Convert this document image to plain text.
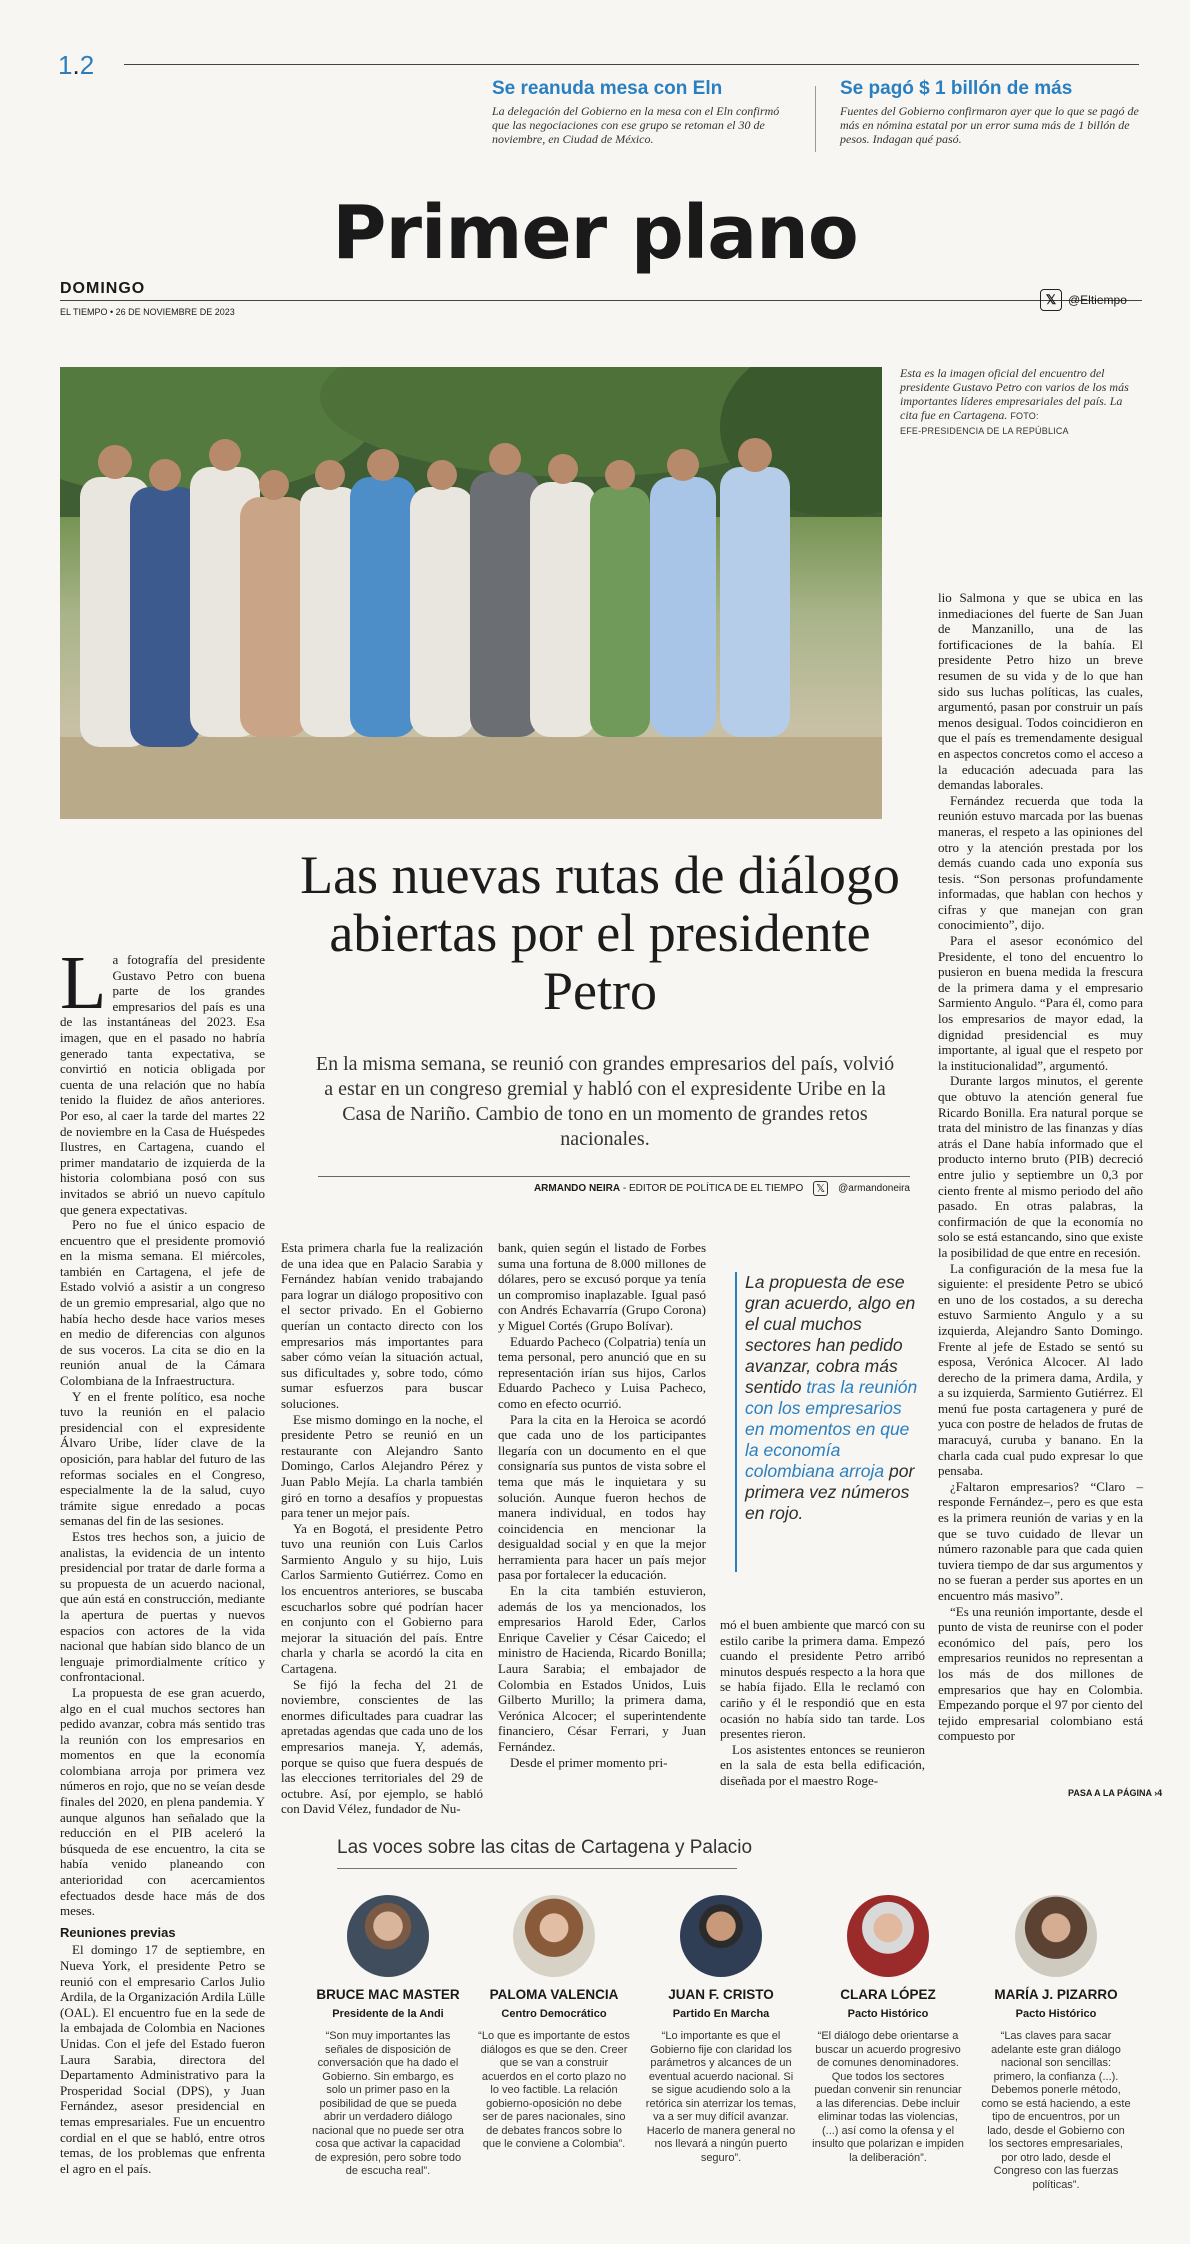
1.2
Se reanuda mesa con Eln

La delegación del Gobierno en la mesa con el Eln confirmó que las negociaciones con ese grupo se retoman el 30 de noviembre, en Ciudad de México.

Se pagó $ 1 billón de más

Fuentes del Gobierno confirmaron ayer que lo que se pagó de más en nómina estatal por un error suma más de 1 billón de pesos. Indagan qué pasó.

Primer plano
DOMINGO
EL TIEMPO • 26 DE NOVIEMBRE DE 2023
𝕏 @Eltiempo
Esta es la imagen oficial del encuentro del presidente Gustavo Petro con varios de los más importantes líderes empresariales del país. La cita fue en Cartagena. FOTO:
EFE-PRESIDENCIA DE LA REPÚBLICA
Las nuevas rutas de diálogo abiertas por el presidente Petro
En la misma semana, se reunió con grandes empresarios del país, volvió a estar en un congreso gremial y habló con el expresidente Uribe en la Casa de Nariño. Cambio de tono en un momento de grandes retos nacionales.
ARMANDO NEIRA - EDITOR DE POLÍTICA DE EL TIEMPO 𝕏	@armandoneira

La fotografía del presidente Gustavo Petro con buena parte de los grandes empresarios del país es una de las instantáneas del 2023. Esa imagen, que en el pasado no habría generado tanta expectativa, se convirtió en noticia obligada por cuenta de una relación que no había tenido la fluidez de años anteriores. Por eso, al caer la tarde del martes 22 de noviembre en la Casa de Huéspedes Ilustres, en Cartagena, cuando el primer mandatario de izquierda de la historia colombiana posó con sus invitados se abrió un nuevo capítulo que genera expectativas.

Pero no fue el único espacio de encuentro que el presidente promovió en la misma semana. El miércoles, también en Cartagena, el jefe de Estado volvió a asistir a un congreso de un gremio empresarial, algo que no había hecho desde hace varios meses en medio de diferencias con algunos de sus voceros. La cita se dio en la reunión anual de la Cámara Colombiana de la Infraestructura.

Y en el frente político, esa noche tuvo la reunión en el palacio presidencial con el expresidente Álvaro Uribe, líder clave de la oposición, para hablar del futuro de las reformas sociales en el Congreso, especialmente la de la salud, cuyo trámite sigue enredado a pocas semanas del fin de las sesiones.

Estos tres hechos son, a juicio de analistas, la evidencia de un intento presidencial por tratar de darle forma a su propuesta de un acuerdo nacional, que aún está en construcción, mediante la apertura de puertas y nuevos espacios con actores de la vida nacional que habían sido blanco de un lenguaje primordialmente crítico y confrontacional.

La propuesta de ese gran acuerdo, algo en el cual muchos sectores han pedido avanzar, cobra más sentido tras la reunión con los empresarios en momentos en que la economía colombiana arroja por primera vez números en rojo, que no se veían desde finales del 2020, en plena pandemia. Y aunque algunos han señalado que la reducción en el PIB aceleró la búsqueda de ese encuentro, la cita se había venido planeando con anterioridad con acercamientos efectuados desde hace más de dos meses.

Reuniones previas

El domingo 17 de septiembre, en Nueva York, el presidente Petro se reunió con el empresario Carlos Julio Ardila, de la Organización Ardila Lülle (OAL). El encuentro fue en la sede de la embajada de Colombia en Naciones Unidas. Con el jefe del Estado fueron Laura Sarabia, directora del Departamento Administrativo para la Prosperidad Social (DPS), y Juan Fernández, asesor presidencial en temas empresariales. Fue un encuentro cordial en el que se habló, entre otros temas, de los problemas que enfrenta el agro en el país.

Esta primera charla fue la realización de una idea que en Palacio Sarabia y Fernández habían venido trabajando para lograr un diálogo propositivo con el sector privado. En el Gobierno querían un contacto directo con los empresarios más importantes para saber cómo veían la situación actual, sus dificultades y, sobre todo, cómo sumar esfuerzos para buscar soluciones.

Ese mismo domingo en la noche, el presidente Petro se reunió en un restaurante con Alejandro Santo Domingo, Carlos Alejandro Pérez y Juan Pablo Mejía. La charla también giró en torno a desafíos y propuestas para tener un mejor país.

Ya en Bogotá, el presidente Petro tuvo una reunión con Luis Carlos Sarmiento Angulo y su hijo, Luis Carlos Sarmiento Gutiérrez. Como en los encuentros anteriores, se buscaba escucharlos sobre qué podrían hacer en conjunto con el Gobierno para mejorar la situación del país. Entre charla y charla se acordó la cita en Cartagena.

Se fijó la fecha del 21 de noviembre, conscientes de las enormes dificultades para cuadrar las apretadas agendas que cada uno de los empresarios maneja. Y, además, porque se quiso que fuera después de las elecciones territoriales del 29 de octubre. Así, por ejemplo, se habló con David Vélez, fundador de Nu-

bank, quien según el listado de Forbes suma una fortuna de 8.000 millones de dólares, pero se excusó porque ya tenía un compromiso inaplazable. Igual pasó con Andrés Echavarría (Grupo Corona) y Miguel Cortés (Grupo Bolívar).

Eduardo Pacheco (Colpatria) tenía un tema personal, pero anunció que en su representación irían sus hijos, Carlos Eduardo Pacheco y Luisa Pacheco, como en efecto ocurrió.

Para la cita en la Heroica se acordó que cada uno de los participantes llegaría con un documento en el que consignaría sus puntos de vista sobre el tema que más le inquietara y su solución. Aunque fueron hechos de manera individual, en todos hay coincidencia en mencionar la desigualdad social y en que la mejor herramienta para hacer un país mejor pasa por fortalecer la educación.

En la cita también estuvieron, además de los ya mencionados, los empresarios Harold Eder, Carlos Enrique Cavelier y César Caicedo; el ministro de Hacienda, Ricardo Bonilla; Laura Sarabia; el embajador de Colombia en Estados Unidos, Luis Gilberto Murillo; la primera dama, Verónica Alcocer; el superintendente financiero, César Ferrari, y Juan Fernández.

Desde el primer momento pri-

La propuesta de ese gran acuerdo, algo en el cual muchos sectores han pedido avanzar, cobra más sentido tras la reunión con los empresarios en momentos en que la economía colombiana arroja por primera vez números en rojo.

mó el buen ambiente que marcó con su estilo caribe la primera dama. Empezó cuando el presidente Petro arribó minutos después respecto a la hora que se había fijado. Ella le reclamó con cariño y él le respondió que en esta ocasión no había sido tan tarde. Los presentes rieron.

Los asistentes entonces se reunieron en la sala de esta bella edificación, diseñada por el maestro Roge-

lio Salmona y que se ubica en las inmediaciones del fuerte de San Juan de Manzanillo, una de las fortificaciones de la bahía. El presidente Petro hizo un breve resumen de su vida y de lo que han sido sus luchas políticas, las cuales, argumentó, pasan por construir un país menos desigual. Todos coincidieron en que el país es tremendamente desigual en aspectos concretos como el acceso a la educación adecuada para las demandas laborales.

Fernández recuerda que toda la reunión estuvo marcada por las buenas maneras, el respeto a las opiniones del otro y la atención prestada por los demás cuando cada uno exponía sus tesis. “Son personas profundamente informadas, que hablan con hechos y cifras y que manejan con gran conocimiento”, dijo.

Para el asesor económico del Presidente, el tono del encuentro lo pusieron en buena medida la frescura de la primera dama y el empresario Sarmiento Angulo. “Para él, como para los empresarios de mayor edad, la dignidad presidencial es muy importante, al igual que el respeto por la institucionalidad”, argumentó.

Durante largos minutos, el gerente que obtuvo la atención general fue Ricardo Bonilla. Era natural porque se trata del ministro de las finanzas y días atrás el Dane había informado que el producto interno bruto (PIB) decreció entre julio y septiembre un 0,3 por ciento frente al mismo periodo del año pasado. En otras palabras, la confirmación de que la economía no solo se está estancando, sino que existe la posibilidad de que entre en recesión.

La configuración de la mesa fue la siguiente: el presidente Petro se ubicó en uno de los costados, a su derecha estuvo Sarmiento Angulo y a su izquierda, Alejandro Santo Domingo. Frente al jefe de Estado se sentó su esposa, Verónica Alcocer. Al lado derecho de la primera dama, Ardila, y a su izquierda, Sarmiento Gutiérrez. El menú fue posta cartagenera y puré de yuca con postre de helados de frutas de maracuyá, curuba y banano. En la charla cada cual pudo expresar lo que pensaba.

¿Faltaron empresarios? “Claro –responde Fernández–, pero es que esta es la primera reunión de varias y en la que se tuvo cuidado de llevar un número razonable para que cada quien tuviera tiempo de dar sus argumentos y no se fueran a perder sus aportes en un encuentro más masivo”.

“Es una reunión importante, desde el punto de vista de reunirse con el poder económico del país, pero los empresarios reunidos no representan a los más de dos millones de empresarios que hay en Colombia. Empezando porque el 97 por ciento del tejido empresarial colombiano está compuesto por

PASA A LA PÁGINA ›4
Las voces sobre las citas de Cartagena y Palacio
BRUCE MAC MASTER
Presidente de la Andi
“Son muy importantes las señales de disposición de conversación que ha dado el Gobierno. Sin embargo, es solo un primer paso en la posibilidad de que se pueda abrir un verdadero diálogo nacional que no puede ser otra cosa que activar la capacidad de expresión, pero sobre todo de escucha real”.
PALOMA VALENCIA
Centro Democrático
“Lo que es importante de estos diálogos es que se den. Creer que se van a construir acuerdos en el corto plazo no lo veo factible. La relación gobierno-oposición no debe ser de pares nacionales, sino de debates francos sobre lo que le conviene a Colombia”.
JUAN F. CRISTO
Partido En Marcha
“Lo importante es que el Gobierno fije con claridad los parámetros y alcances de un eventual acuerdo nacional. Si se sigue acudiendo solo a la retórica sin aterrizar los temas, va a ser muy difícil avanzar. Hacerlo de manera general no nos llevará a ningún puerto seguro”.
CLARA LÓPEZ
Pacto Histórico
“El diálogo debe orientarse a buscar un acuerdo progresivo de comunes denominadores. Que todos los sectores puedan convenir sin renunciar a las diferencias. Debe incluir eliminar todas las violencias, (...) así como la ofensa y el insulto que polarizan e impiden la deliberación”.
MARÍA J. PIZARRO
Pacto Histórico
“Las claves para sacar adelante este gran diálogo nacional son sencillas: primero, la confianza (...). Debemos ponerle método, como se está haciendo, a este tipo de encuentros, por un lado, desde el Gobierno con los sectores empresariales, por otro lado, desde el Congreso con las fuerzas políticas”.
